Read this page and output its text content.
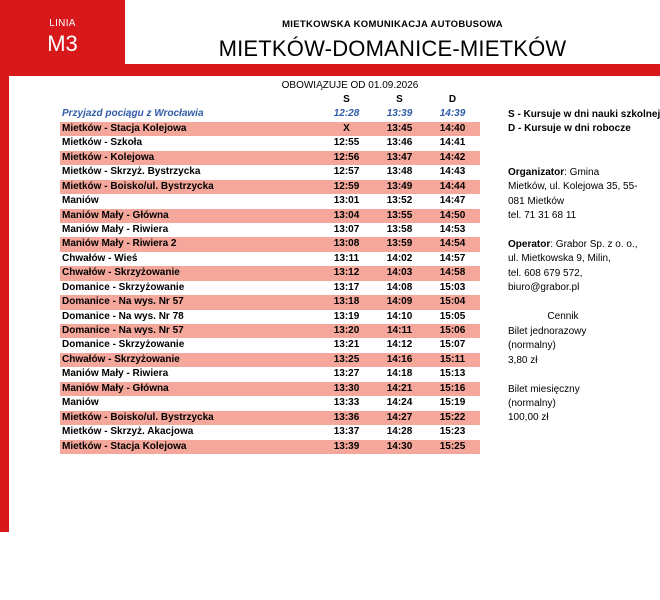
LINIA
M3
MIETKOWSKA KOMUNIKACJA AUTOBUSOWA
MIETKÓW-DOMANICE-MIETKÓW
OBOWIĄZUJE OD 01.09.2026
S	S	D
Przyjazd pociągu z Wrocławia	12:28	13:39	14:39
Mietków - Stacja Kolejowa	X	13:45	14:40
Mietków - Szkoła	12:55	13:46	14:41
Mietków - Kolejowa	12:56	13:47	14:42
Mietków - Skrzyż. Bystrzycka	12:57	13:48	14:43
Mietków - Boisko/ul. Bystrzycka	12:59	13:49	14:44
Maniów	13:01	13:52	14:47
Maniów Mały - Główna	13:04	13:55	14:50
Maniów Mały - Riwiera	13:07	13:58	14:53
Maniów Mały - Riwiera 2	13:08	13:59	14:54
Chwałów - Wieś	13:11	14:02	14:57
Chwałów - Skrzyżowanie	13:12	14:03	14:58
Domanice - Skrzyżowanie	13:17	14:08	15:03
Domanice - Na wys. Nr 57	13:18	14:09	15:04
Domanice - Na wys. Nr 78	13:19	14:10	15:05
Domanice - Na wys. Nr 57	13:20	14:11	15:06
Domanice - Skrzyżowanie	13:21	14:12	15:07
Chwałów - Skrzyżowanie	13:25	14:16	15:11
Maniów Mały - Riwiera	13:27	14:18	15:13
Maniów Mały - Główna	13:30	14:21	15:16
Maniów	13:33	14:24	15:19
Mietków - Boisko/ul. Bystrzycka	13:36	14:27	15:22
Mietków - Skrzyż. Akacjowa	13:37	14:28	15:23
Mietków - Stacja Kolejowa	13:39	14:30	15:25
S - Kursuje w dni nauki szkolnej
D - Kursuje w dni robocze

Organizator: Gmina

Mietków, ul. Kolejowa 35, 55-

081 Mietków

tel. 71 31 68 11

Operator: Grabor Sp. z o. o.,

ul. Mietkowska 9, Milin,

tel. 608 679 572,

biuro@grabor.pl

Cennik

Bilet jednorazowy

(normalny)

3,80 zł

Bilet miesięczny

(normalny)

100,00 zł
